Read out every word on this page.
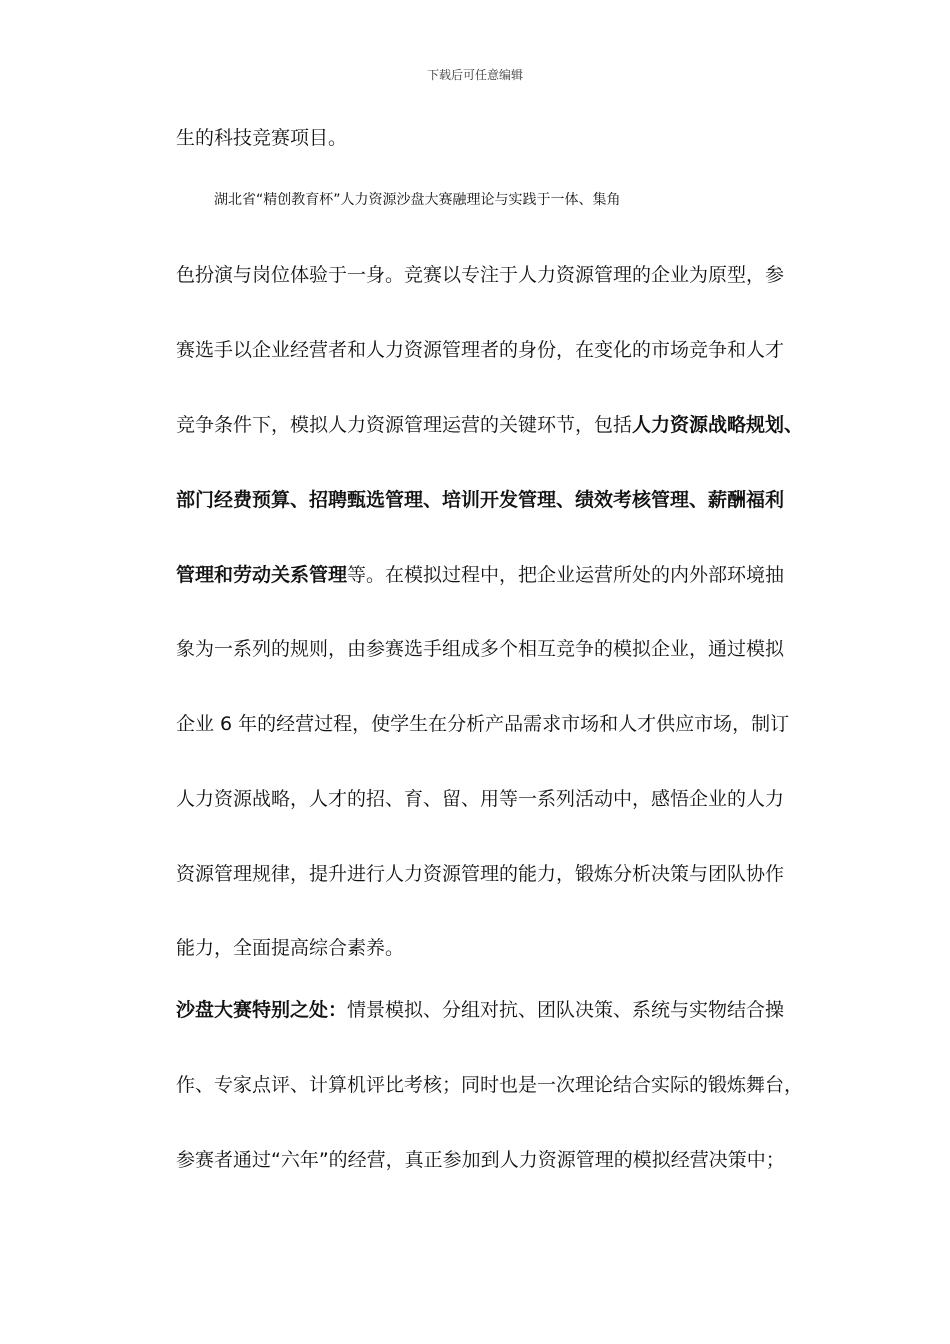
下载后可任意编辑
生的科技竞赛项目。
湖北省“精创教育杯”人力资源沙盘大赛融理论与实践于一体、集角
色扮演与岗位体验于一身。竞赛以专注于人力资源管理的企业为原型，参
赛选手以企业经营者和人力资源管理者的身份，在变化的市场竞争和人才
竞争条件下，模拟人力资源管理运营的关键环节，包括人力资源战略规划、
部门经费预算、招聘甄选管理、培训开发管理、绩效考核管理、薪酬福利
管理和劳动关系管理等。在模拟过程中，把企业运营所处的内外部环境抽
象为一系列的规则，由参赛选手组成多个相互竞争的模拟企业，通过模拟
企业 6 年的经营过程，使学生在分析产品需求市场和人才供应市场，制订
人力资源战略，人才的招、育、留、用等一系列活动中，感悟企业的人力
资源管理规律，提升进行人力资源管理的能力，锻炼分析决策与团队协作
能力，全面提高综合素养。
沙盘大赛特别之处：情景模拟、分组对抗、团队决策、系统与实物结合操
作、专家点评、计算机评比考核；同时也是一次理论结合实际的锻炼舞台，
参赛者通过“六年”的经营，真正参加到人力资源管理的模拟经营决策中；
